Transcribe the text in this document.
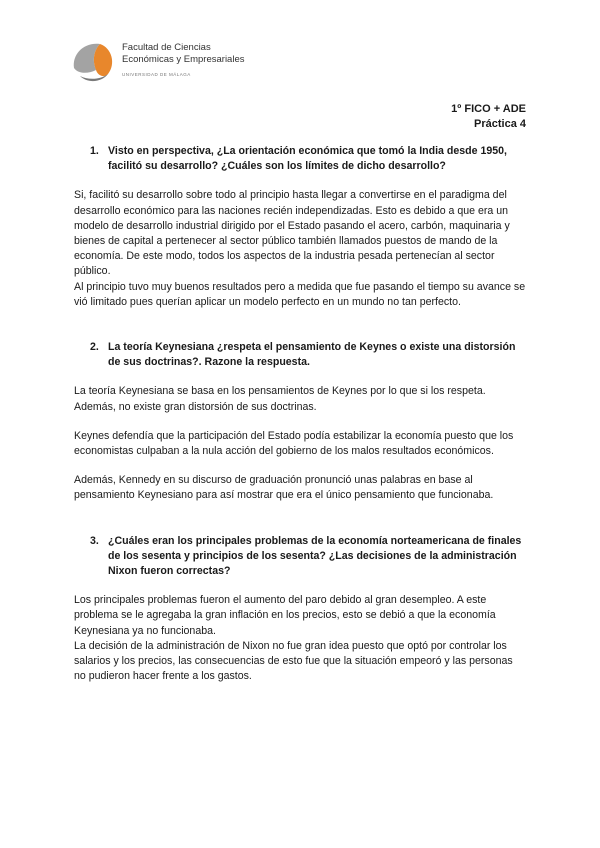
Facultad de Ciencias
Económicas y Empresariales
UNIVERSIDAD DE MÁLAGA
1º FICO + ADE
Práctica 4
1. Visto en perspectiva, ¿La orientación económica que tomó la India desde 1950, facilitó su desarrollo? ¿Cuáles son los límites de dicho desarrollo?

Si, facilitó su desarrollo sobre todo al principio hasta llegar a convertirse en el paradigma del desarrollo económico para las naciones recién independizadas. Esto es debido a que era un modelo de desarrollo industrial dirigido por el Estado pasando el acero, carbón, maquinaria y bienes de capital a pertenecer al sector público también llamados puestos de mando de la economía. De este modo, todos los aspectos de la industria pesada pertenecían al sector público.

Al principio tuvo muy buenos resultados pero a medida que fue pasando el tiempo su avance se vió limitado pues querían aplicar un modelo perfecto en un mundo no tan perfecto.

2. La teoría Keynesiana ¿respeta el pensamiento de Keynes o existe una distorsión de sus doctrinas?. Razone la respuesta.

La teoría Keynesiana se basa en los pensamientos de Keynes por lo que si los respeta. Además, no existe gran distorsión de sus doctrinas.

Keynes defendía que la participación del Estado podía estabilizar la economía puesto que los economistas culpaban a la nula acción del gobierno de los malos resultados económicos.

Además, Kennedy en su discurso de graduación pronunció unas palabras en base al pensamiento Keynesiano para así mostrar que era el único pensamiento que funcionaba.

3. ¿Cuáles eran los principales problemas de la economía norteamericana de finales de los sesenta y principios de los sesenta? ¿Las decisiones de la administración Nixon fueron correctas?

Los principales problemas fueron el aumento del paro debido al gran desempleo. A este problema se le agregaba la gran inflación en los precios, esto se debió a que la economía Keynesiana ya no funcionaba.

La decisión de la administración de Nixon no fue gran idea puesto que optó por controlar los salarios y los precios, las consecuencias de esto fue que la situación empeoró y las personas no pudieron hacer frente a los gastos.
